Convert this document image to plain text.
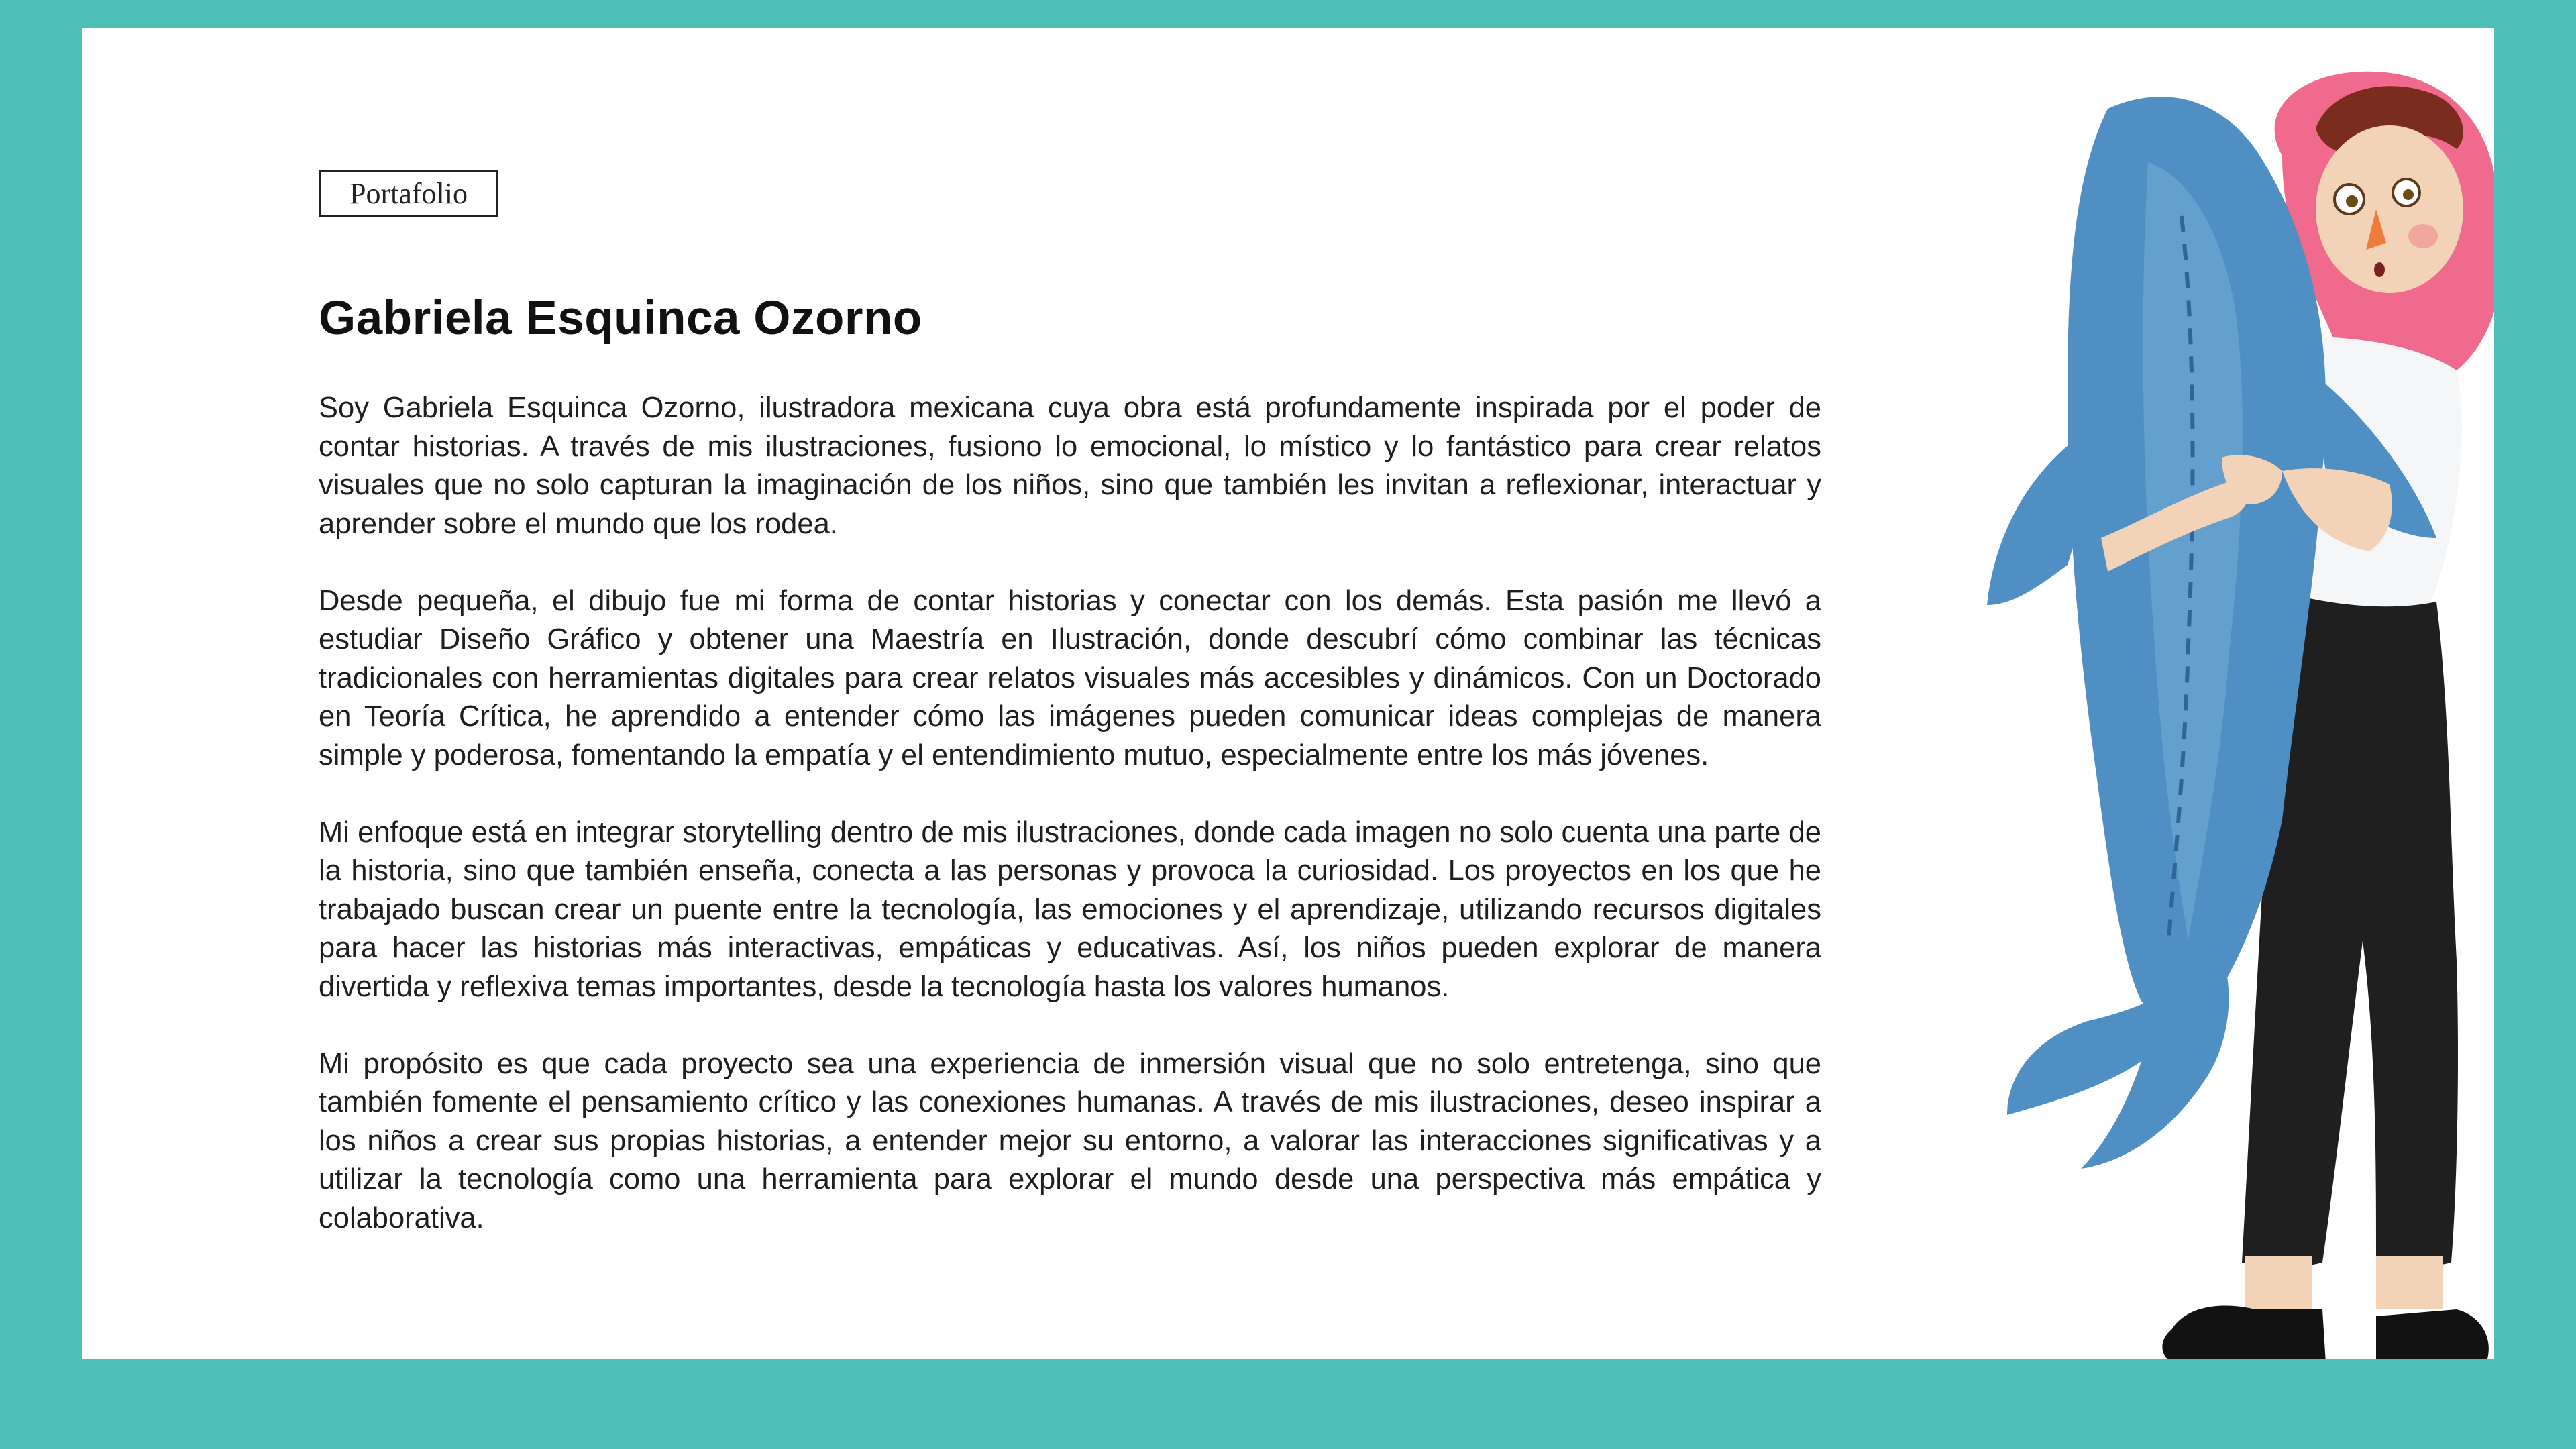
Portafolio
Gabriela Esquinca Ozorno

Soy Gabriela Esquinca Ozorno, ilustradora mexicana cuya obra está profundamente inspirada por el poder de contar historias. A través de mis ilustraciones, fusiono lo emocional, lo místico y lo fantástico para crear relatos visuales que no solo capturan la imaginación de los niños, sino que también les invitan a reflexionar, interactuar y aprender sobre el mundo que los rodea.

Desde pequeña, el dibujo fue mi forma de contar historias y conectar con los demás. Esta pasión me llevó a estudiar Diseño Gráfico y obtener una Maestría en Ilustración, donde descubrí cómo combinar las técnicas tradicionales con herramientas digitales para crear relatos visuales más accesibles y dinámicos. Con un Doctorado en Teoría Crítica, he aprendido a entender cómo las imágenes pueden comunicar ideas complejas de manera simple y poderosa, fomentando la empatía y el entendimiento mutuo, especialmente entre los más jóvenes.

Mi enfoque está en integrar storytelling dentro de mis ilustraciones, donde cada imagen no solo cuenta una parte de la historia, sino que también enseña, conecta a las personas y provoca la curiosidad. Los proyectos en los que he trabajado buscan crear un puente entre la tecnología, las emociones y el aprendizaje, utilizando recursos digitales para hacer las historias más interactivas, empáticas y educativas. Así, los niños pueden explorar de manera divertida y reflexiva temas importantes, desde la tecnología hasta los valores humanos.

Mi propósito es que cada proyecto sea una experiencia de inmersión visual que no solo entretenga, sino que también fomente el pensamiento crítico y las conexiones humanas. A través de mis ilustraciones, deseo inspirar a los niños a crear sus propias historias, a entender mejor su entorno, a valorar las interacciones significativas y a utilizar la tecnología como una herramienta para explorar el mundo desde una perspectiva más empática y colaborativa.
